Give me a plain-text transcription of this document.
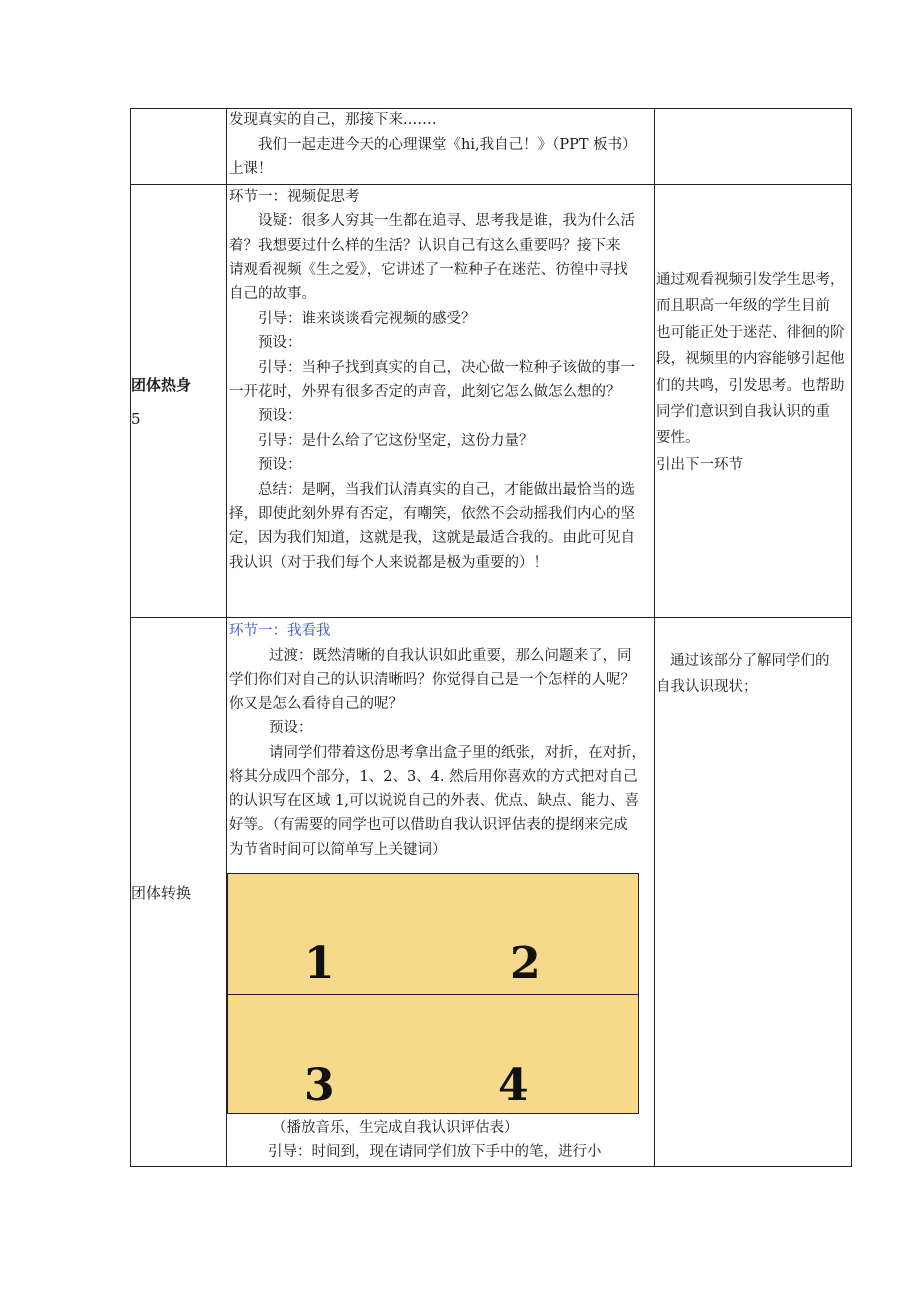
发现真实的自己，那接下来.……
我们一起走进今天的心理课堂《hi,我自己！》（PPT 板书）
上课！
团体热身
5
环节一：视频促思考
设疑：很多人穷其一生都在追寻、思考我是谁，我为什么活
着？我想要过什么样的生活？认识自己有这么重要吗？接下来
请观看视频《生之爱》，它讲述了一粒种子在迷茫、彷徨中寻找
自己的故事。
引导：谁来谈谈看完视频的感受？
预设：
引导：当种子找到真实的自己，决心做一粒种子该做的事一
一开花时，外界有很多否定的声音，此刻它怎么做怎么想的？
预设：
引导：是什么给了它这份坚定，这份力量？
预设：
总结：是啊，当我们认清真实的自己，才能做出最恰当的选
择，即使此刻外界有否定，有嘲笑，依然不会动摇我们内心的坚
定，因为我们知道，这就是我，这就是最适合我的。由此可见自
我认识（对于我们每个人来说都是极为重要的）！

通过观看视频引发学生思考，

而且职高一年级的学生目前

也可能正处于迷茫、徘徊的阶

段，视频里的内容能够引起他

们的共鸣，引发思考。也帮助

同学们意识到自我认识的重

要性。

引出下一环节

团体转换
环节一：我看我
过渡：既然清晰的自我认识如此重要，那么问题来了，同
学们你们对自己的认识清晰吗？你觉得自己是一个怎样的人呢？
你又是怎么看待自己的呢？
预设：
请同学们带着这份思考拿出盒子里的纸张，对折，在对折，
将其分成四个部分，1、2、3、4. 然后用你喜欢的方式把对自己
的认识写在区域 1,可以说说自己的外表、优点、缺点、能力、喜
好等。（有需要的同学也可以借助自我认识评估表的提纲来完成
为节省时间可以简单写上关键词）
1	2
3	4
（播放音乐，生完成自我认识评估表）
引导：时间到，现在请同学们放下手中的笔，进行小

通过该部分了解同学们的

自我认识现状；
